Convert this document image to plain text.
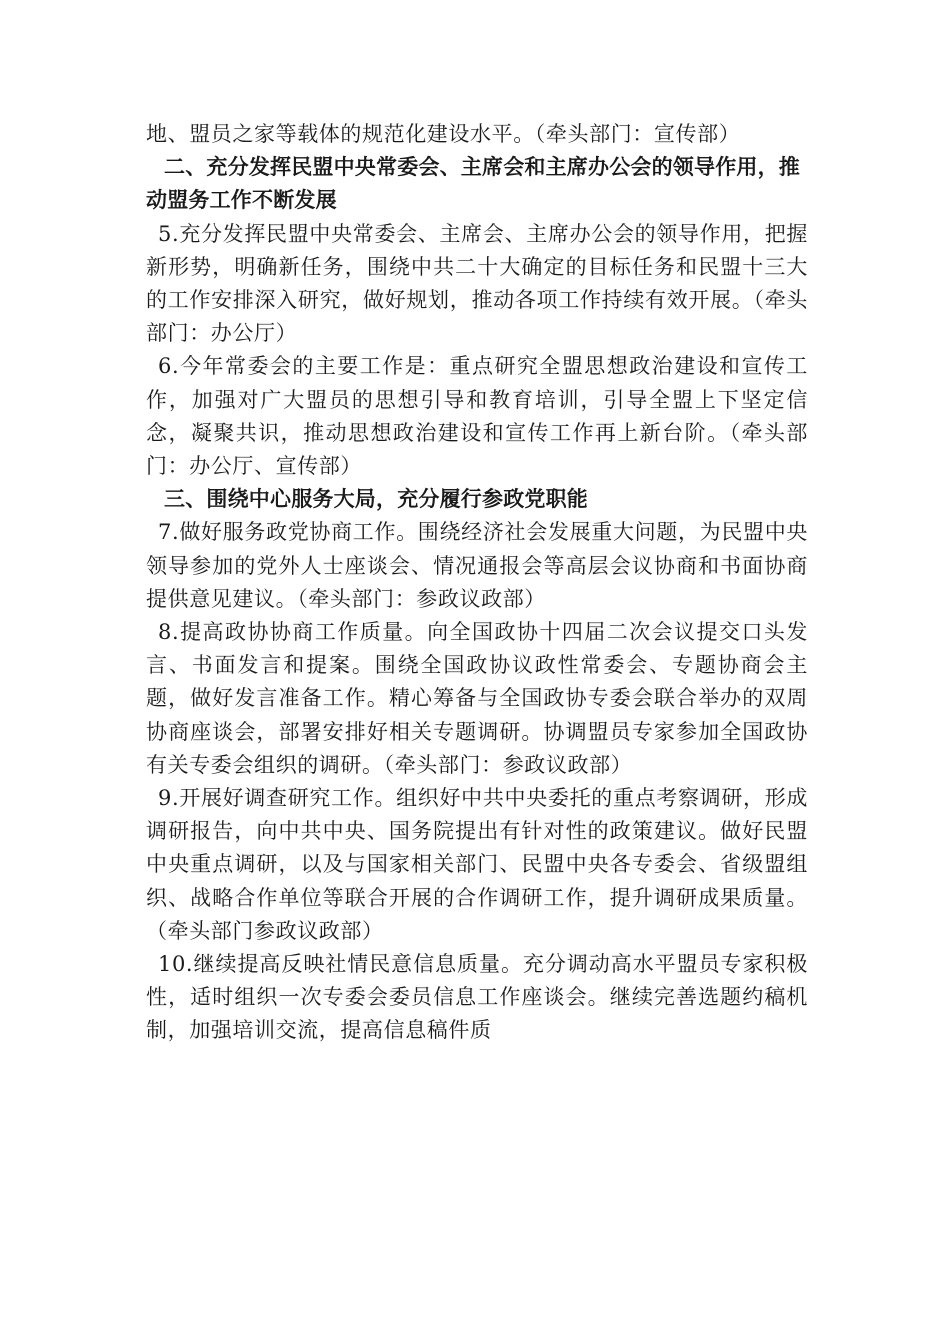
地、盟员之家等载体的规范化建设水平。（牵头部门：宣传部）

二、充分发挥民盟中央常委会、主席会和主席办公会的领导作用，推动盟务工作不断发展

5.充分发挥民盟中央常委会、主席会、主席办公会的领导作用，把握新形势，明确新任务，围绕中共二十大确定的目标任务和民盟十三大的工作安排深入研究，做好规划，推动各项工作持续有效开展。（牵头部门：办公厅）

6.今年常委会的主要工作是：重点研究全盟思想政治建设和宣传工作，加强对广大盟员的思想引导和教育培训，引导全盟上下坚定信念，凝聚共识，推动思想政治建设和宣传工作再上新台阶。（牵头部门：办公厅、宣传部）

三、围绕中心服务大局，充分履行参政党职能

7.做好服务政党协商工作。围绕经济社会发展重大问题，为民盟中央领导参加的党外人士座谈会、情况通报会等高层会议协商和书面协商提供意见建议。（牵头部门：参政议政部）

8.提高政协协商工作质量。向全国政协十四届二次会议提交口头发言、书面发言和提案。围绕全国政协议政性常委会、专题协商会主题，做好发言准备工作。精心筹备与全国政协专委会联合举办的双周协商座谈会，部署安排好相关专题调研。协调盟员专家参加全国政协有关专委会组织的调研。（牵头部门：参政议政部）

9.开展好调查研究工作。组织好中共中央委托的重点考察调研，形成调研报告，向中共中央、国务院提出有针对性的政策建议。做好民盟中央重点调研，以及与国家相关部门、民盟中央各专委会、省级盟组织、战略合作单位等联合开展的合作调研工作，提升调研成果质量。（牵头部门参政议政部）

10.继续提高反映社情民意信息质量。充分调动高水平盟员专家积极性，适时组织一次专委会委员信息工作座谈会。继续完善选题约稿机制，加强培训交流，提高信息稿件质
